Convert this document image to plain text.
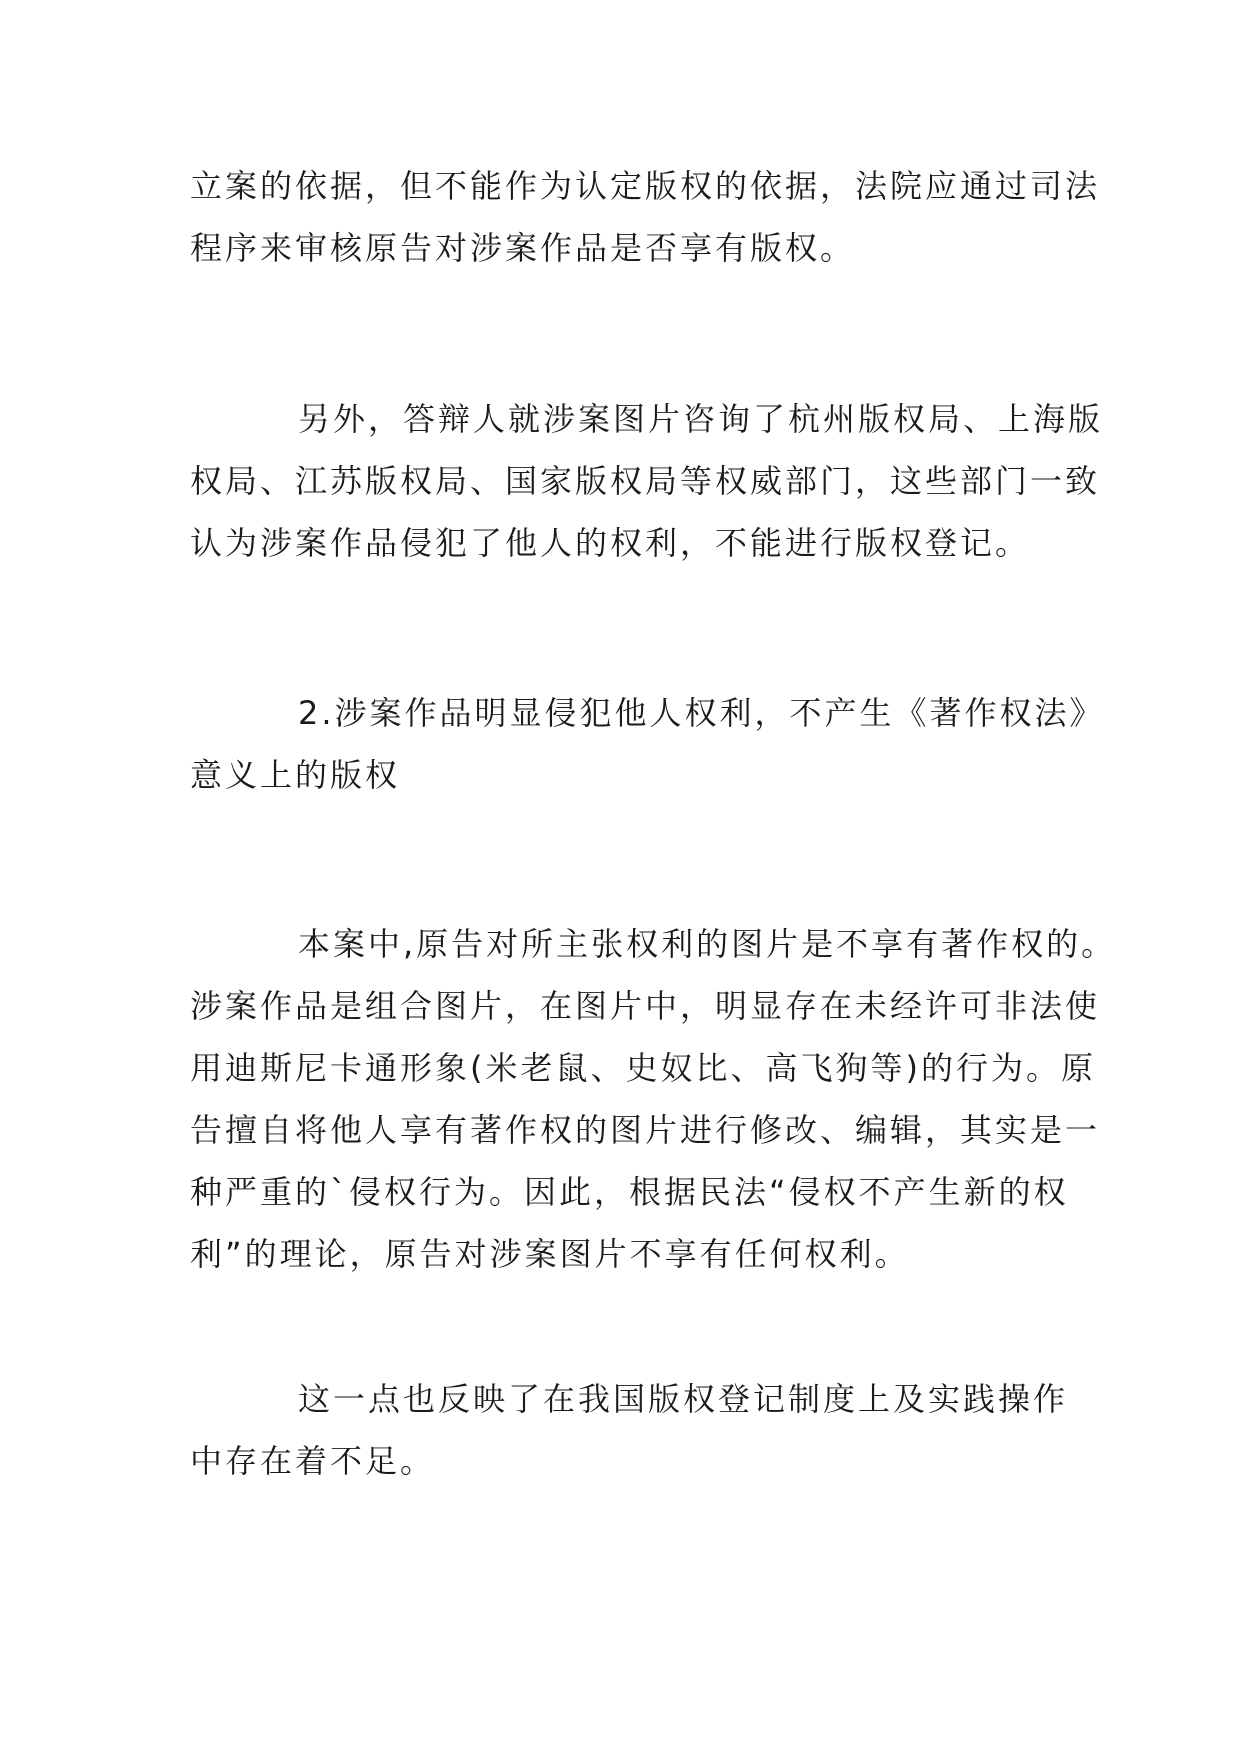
立案的依据，但不能作为认定版权的依据，法院应通过司法
程序来审核原告对涉案作品是否享有版权。

另外，答辩人就涉案图片咨询了杭州版权局、上海版
权局、江苏版权局、国家版权局等权威部门，这些部门一致
认为涉案作品侵犯了他人的权利，不能进行版权登记。

2.涉案作品明显侵犯他人权利，不产生《著作权法》
意义上的版权

本案中,原告对所主张权利的图片是不享有著作权的。
涉案作品是组合图片，在图片中，明显存在未经许可非法使
用迪斯尼卡通形象(米老鼠、史奴比、高飞狗等)的行为。原
告擅自将他人享有著作权的图片进行修改、编辑，其实是一
种严重的`侵权行为。因此，根据民法“侵权不产生新的权
利”的理论，原告对涉案图片不享有任何权利。

这一点也反映了在我国版权登记制度上及实践操作
中存在着不足。
